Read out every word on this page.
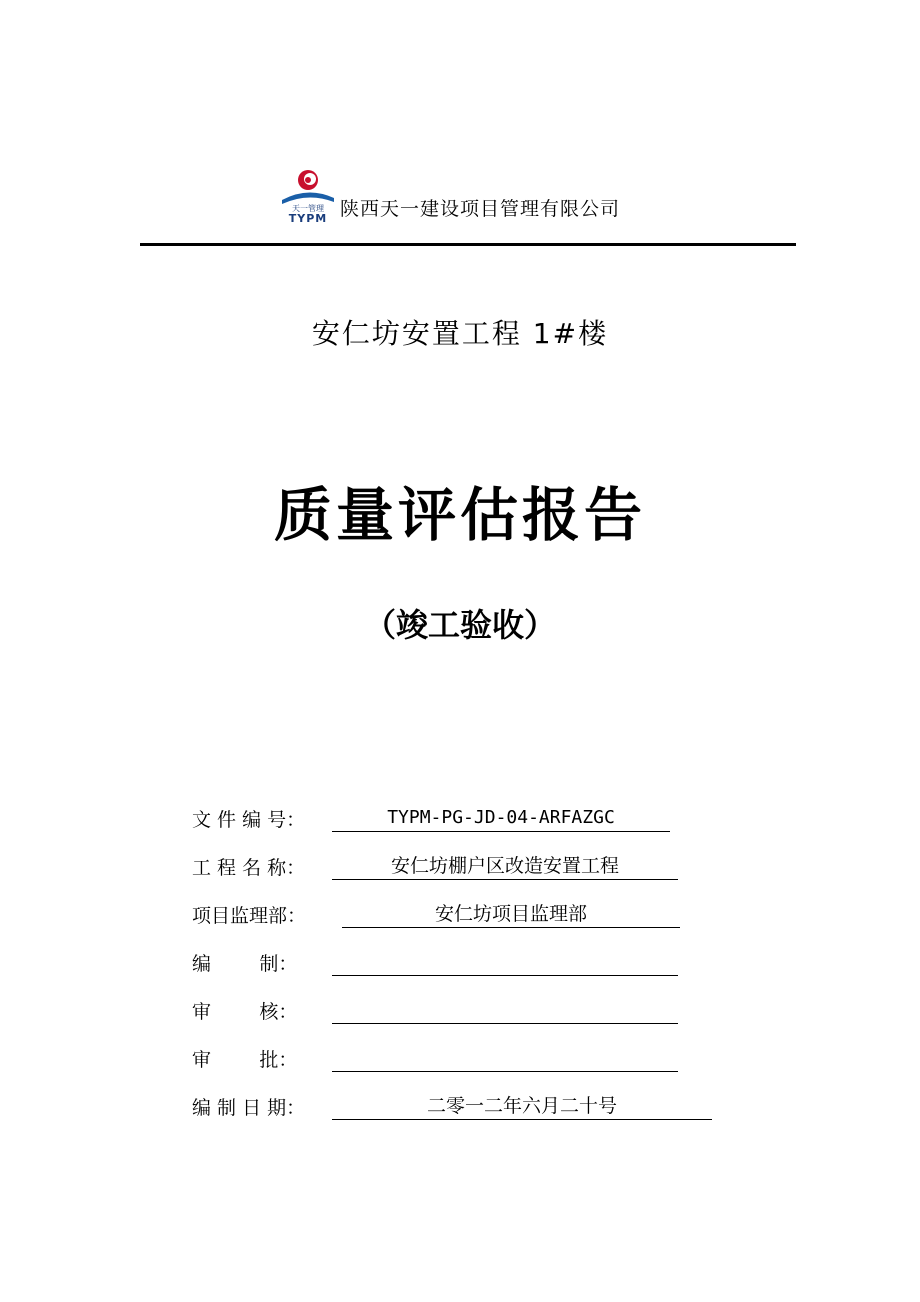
天一管理
TYPM 陕西天一建设项目管理有限公司
安仁坊安置工程 1#楼
质量评估报告
（竣工验收）
文 件 编 号：	TYPM-PG-JD-04-ARFAZGC
工 程 名 称：	安仁坊棚户区改造安置工程
项目监理部：	安仁坊项目监理部
编        制：
审        核：
审        批：
编 制 日 期：	二零一二年六月二十号
